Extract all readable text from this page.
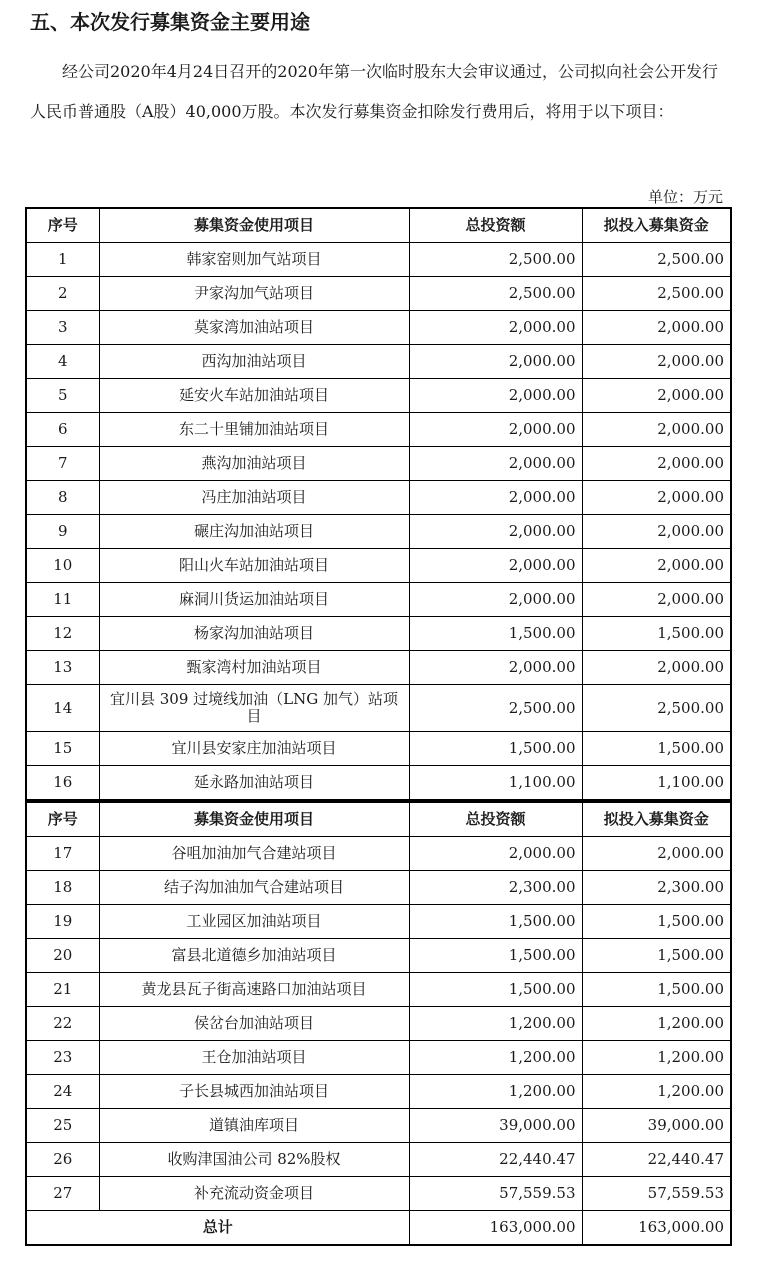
五、本次发行募集资金主要用途

经公司2020年4月24日召开的2020年第一次临时股东大会审议通过，公司拟向社会公开发行人民币普通股（A股）40,000万股。本次发行募集资金扣除发行费用后，将用于以下项目：

单位：万元
序号	募集资金使用项目	总投资额	拟投入募集资金
1	韩家窑则加气站项目	2,500.00	2,500.00
2	尹家沟加气站项目	2,500.00	2,500.00
3	莫家湾加油站项目	2,000.00	2,000.00
4	西沟加油站项目	2,000.00	2,000.00
5	延安火车站加油站项目	2,000.00	2,000.00
6	东二十里铺加油站项目	2,000.00	2,000.00
7	燕沟加油站项目	2,000.00	2,000.00
8	冯庄加油站项目	2,000.00	2,000.00
9	碾庄沟加油站项目	2,000.00	2,000.00
10	阳山火车站加油站项目	2,000.00	2,000.00
11	麻洞川货运加油站项目	2,000.00	2,000.00
12	杨家沟加油站项目	1,500.00	1,500.00
13	甄家湾村加油站项目	2,000.00	2,000.00
14	宜川县 309 过境线加油（LNG 加气）站项目	2,500.00	2,500.00
15	宜川县安家庄加油站项目	1,500.00	1,500.00
16	延永路加油站项目	1,100.00	1,100.00
序号	募集资金使用项目	总投资额	拟投入募集资金
17	谷咀加油加气合建站项目	2,000.00	2,000.00
18	结子沟加油加气合建站项目	2,300.00	2,300.00
19	工业园区加油站项目	1,500.00	1,500.00
20	富县北道德乡加油站项目	1,500.00	1,500.00
21	黄龙县瓦子街高速路口加油站项目	1,500.00	1,500.00
22	侯岔台加油站项目	1,200.00	1,200.00
23	王仓加油站项目	1,200.00	1,200.00
24	子长县城西加油站项目	1,200.00	1,200.00
25	道镇油库项目	39,000.00	39,000.00
26	收购津国油公司 82%股权	22,440.47	22,440.47
27	补充流动资金项目	57,559.53	57,559.53
总计		163,000.00	163,000.00
